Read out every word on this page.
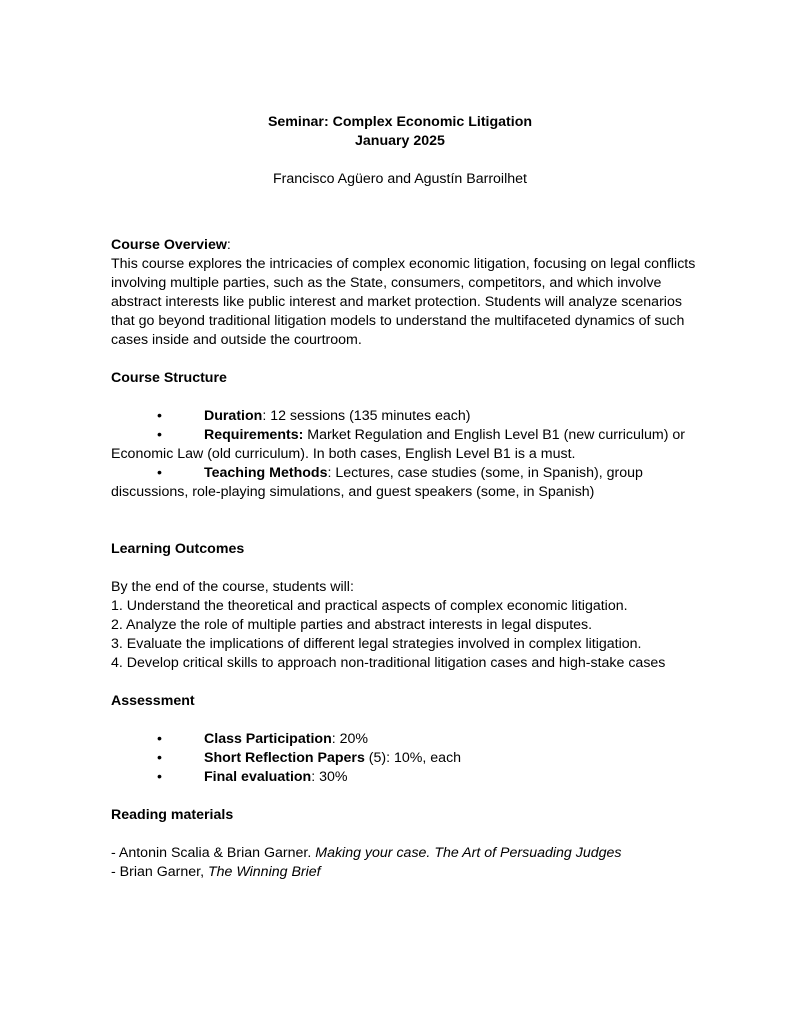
Seminar: Complex Economic Litigation
January 2025
Francisco Agüero and Agustín Barroilhet

Course Overview:

This course explores the intricacies of complex economic litigation, focusing on legal conflicts involving multiple parties, such as the State, consumers, competitors, and which involve abstract interests like public interest and market protection. Students will analyze scenarios that go beyond traditional litigation models to understand the multifaceted dynamics of such cases inside and outside the courtroom.

Course Structure

•	Duration: 12 sessions (135 minutes each)

•	Requirements: Market Regulation and English Level B1 (new curriculum) or Economic Law (old curriculum). In both cases, English Level B1 is a must.

•	Teaching Methods: Lectures, case studies (some, in Spanish), group discussions, role-playing simulations, and guest speakers (some, in Spanish)

Learning Outcomes

By the end of the course, students will:

1. Understand the theoretical and practical aspects of complex economic litigation.

2. Analyze the role of multiple parties and abstract interests in legal disputes.

3. Evaluate the implications of different legal strategies involved in complex litigation.

4. Develop critical skills to approach non-traditional litigation cases and high-stake cases

Assessment

•	Class Participation: 20%

•	Short Reflection Papers (5): 10%, each

•	Final evaluation: 30%

Reading materials

- Antonin Scalia & Brian Garner. Making your case. The Art of Persuading Judges

- Brian Garner, The Winning Brief
